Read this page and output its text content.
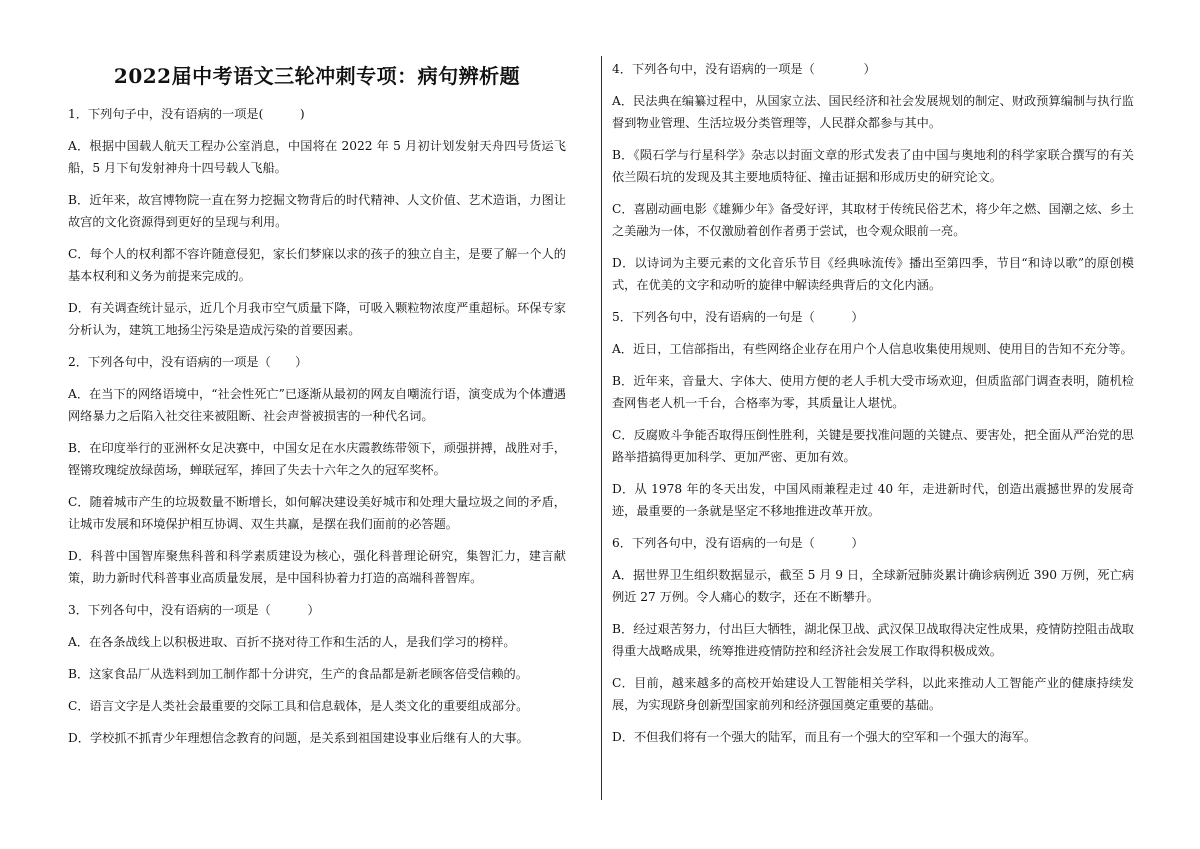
2022届中考语文三轮冲刺专项：病句辨析题

1．下列句子中，没有语病的一项是(　　　)

A．根据中国载人航天工程办公室消息，中国将在 2022 年 5 月初计划发射天舟四号货运飞船，5 月下旬发射神舟十四号载人飞船。

B．近年来，故宫博物院一直在努力挖掘文物背后的时代精神、人文价值、艺术造诣，力图让故宫的文化资源得到更好的呈现与利用。

C．每个人的权利都不容许随意侵犯，家长们梦寐以求的孩子的独立自主，是要了解一个人的基本权利和义务为前提来完成的。

D．有关调查统计显示，近几个月我市空气质量下降，可吸入颗粒物浓度严重超标。环保专家分析认为，建筑工地扬尘污染是造成污染的首要因素。

2．下列各句中，没有语病的一项是（　　）

A．在当下的网络语境中，“社会性死亡”已逐渐从最初的网友自嘲流行语，演变成为个体遭遇网络暴力之后陷入社交往来被阻断、社会声誉被损害的一种代名词。

B．在印度举行的亚洲杯女足决赛中，中国女足在水庆霞教练带领下，顽强拼搏，战胜对手，铿锵玫瑰绽放绿茵场，蝉联冠军，捧回了失去十六年之久的冠军奖杯。

C．随着城市产生的垃圾数量不断增长，如何解决建设美好城市和处理大量垃圾之间的矛盾，让城市发展和环境保护相互协调、双生共赢，是摆在我们面前的必答题。

D．科普中国智库聚焦科普和科学素质建设为核心，强化科普理论研究，集智汇力，建言献策，助力新时代科普事业高质量发展，是中国科协着力打造的高端科普智库。

3．下列各句中，没有语病的一项是（　　　）

A．在各条战线上以积极进取、百折不挠对待工作和生活的人，是我们学习的榜样。

B．这家食品厂从选料到加工制作都十分讲究，生产的食品都是新老顾客倍受信赖的。

C．语言文字是人类社会最重要的交际工具和信息载体，是人类文化的重要组成部分。

D．学校抓不抓青少年理想信念教育的问题，是关系到祖国建设事业后继有人的大事。

4．下列各句中，没有语病的一项是（　　　　）

A．民法典在编纂过程中，从国家立法、国民经济和社会发展规划的制定、财政预算编制与执行监督到物业管理、生活垃圾分类管理等，人民群众都参与其中。

B．《陨石学与行星科学》杂志以封面文章的形式发表了由中国与奥地利的科学家联合撰写的有关依兰陨石坑的发现及其主要地质特征、撞击证据和形成历史的研究论文。

C．喜剧动画电影《雄狮少年》备受好评，其取材于传统民俗艺术，将少年之燃、国潮之炫、乡土之美融为一体，不仅激励着创作者勇于尝试，也令观众眼前一亮。

D．以诗词为主要元素的文化音乐节目《经典咏流传》播出至第四季，节目“和诗以歌”的原创模式，在优美的文字和动听的旋律中解读经典背后的文化内涵。

5．下列各句中，没有语病的一句是（　　　）

A．近日，工信部指出，有些网络企业存在用户个人信息收集使用规则、使用目的告知不充分等。

B．近年来，音量大、字体大、使用方便的老人手机大受市场欢迎，但质监部门调查表明，随机检查网售老人机一千台，合格率为零，其质量让人堪忧。

C．反腐败斗争能否取得压倒性胜利，关键是要找准问题的关键点、要害处，把全面从严治党的思路举措搞得更加科学、更加严密、更加有效。

D．从 1978 年的冬天出发，中国风雨兼程走过 40 年，走进新时代，创造出震撼世界的发展奇迹，最重要的一条就是坚定不移地推进改革开放。

6．下列各句中，没有语病的一句是（　　　）

A．据世界卫生组织数据显示，截至 5 月 9 日，全球新冠肺炎累计确诊病例近 390 万例，死亡病例近 27 万例。令人痛心的数字，还在不断攀升。

B．经过艰苦努力，付出巨大牺牲，湖北保卫战、武汉保卫战取得决定性成果，疫情防控阻击战取得重大战略成果，统筹推进疫情防控和经济社会发展工作取得积极成效。

C．目前，越来越多的高校开始建设人工智能相关学科，以此来推动人工智能产业的健康持续发展，为实现跻身创新型国家前列和经济强国奠定重要的基础。

D．不但我们将有一个强大的陆军，而且有一个强大的空军和一个强大的海军。
